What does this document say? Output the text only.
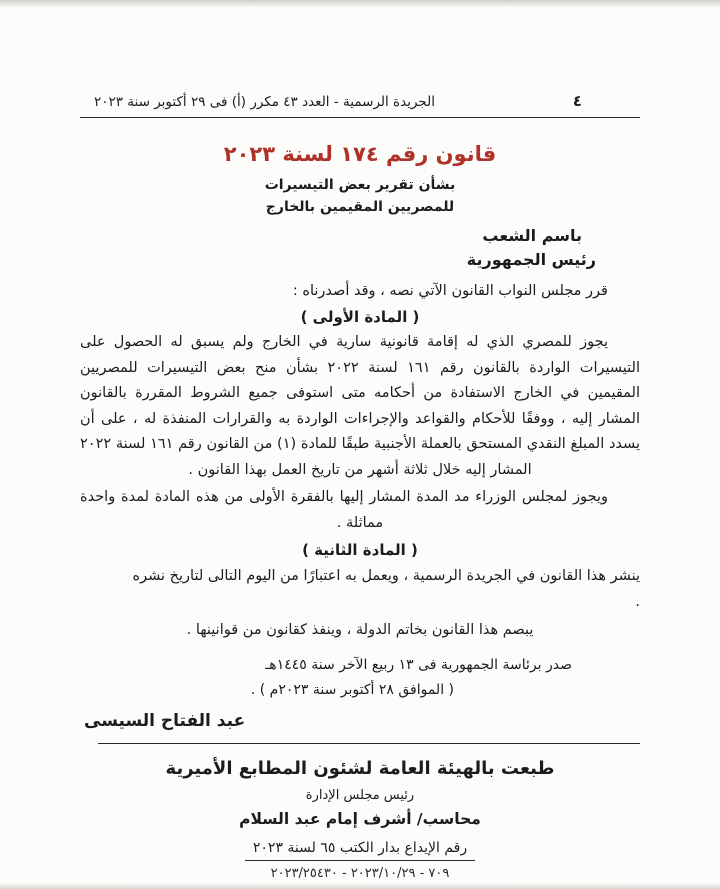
٤
الجريدة الرسمية - العدد ٤٣ مكرر (أ) فى ٢٩ أكتوبر سنة ٢٠٢٣
قانون رقم ١٧٤ لسنة ٢٠٢٣
بشأن تقرير بعض التيسيرات
للمصريين المقيمين بالخارج
باسم الشعب
رئيس الجمهورية

قرر مجلس النواب القانون الآتي نصه ، وقد أصدرناه :

( المادة الأولى )

يجوز للمصري الذي له إقامة قانونية سارية في الخارج ولم يسبق له الحصول على التيسيرات الواردة بالقانون رقم ١٦١ لسنة ٢٠٢٢ بشأن منح بعض التيسيرات للمصريين المقيمين في الخارج الاستفادة من أحكامه متى استوفى جميع الشروط المقررة بالقانون المشار إليه ، ووفقًا للأحكام والقواعد والإجراءات الواردة به والقرارات المنفذة له ، على أن يسدد المبلغ النقدي المستحق بالعملة الأجنبية طبقًا للمادة (١) من القانون رقم ١٦١ لسنة ٢٠٢٢ المشار إليه خلال ثلاثة أشهر من تاريخ العمل بهذا القانون .

ويجوز لمجلس الوزراء مد المدة المشار إليها بالفقرة الأولى من هذه المادة لمدة واحدة مماثلة .

( المادة الثانية )

ينشر هذا القانون في الجريدة الرسمية ، ويعمل به اعتبارًا من اليوم التالى لتاريخ نشره .

يبصم هذا القانون بخاتم الدولة ، وينفذ كقانون من قوانينها .

صدر برئاسة الجمهورية فى ١٣ ربيع الآخر سنة ١٤٤٥هـ
( الموافق ٢٨ أكتوبر سنة ٢٠٢٣م ) .
عبد الفتاح السيسى
طبعت بالهيئة العامة لشئون المطابع الأميرية
رئيس مجلس الإدارة
محاسب/ أشرف إمام عبد السلام
رقم الإيداع بدار الكتب ٦٥ لسنة ٢٠٢٣
٧٠٩ - ٢٠٢٣/١٠/٢٩ - ٢٠٢٣/٢٥٤٣٠
